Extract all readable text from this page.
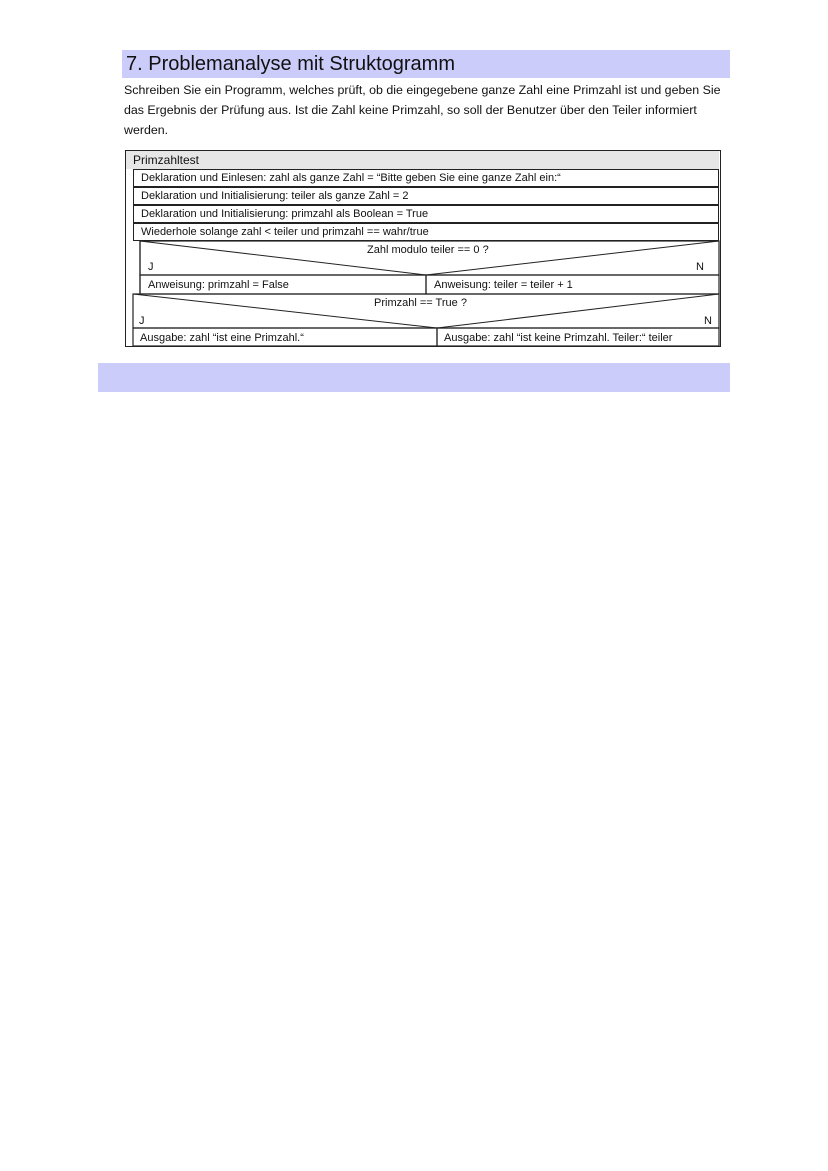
7. Problemanalyse mit Struktogramm
Schreiben Sie ein Programm, welches prüft, ob die eingegebene ganze Zahl eine Primzahl ist und geben Sie das Ergebnis der Prüfung aus. Ist die Zahl keine Primzahl, so soll der Benutzer über den Teiler informiert werden.
Primzahltest
Deklaration und Einlesen: zahl als ganze Zahl = “Bitte geben Sie eine ganze Zahl ein:“
Deklaration und Initialisierung: teiler als ganze Zahl = 2
Deklaration und Initialisierung: primzahl als Boolean = True
Wiederhole solange zahl < teiler und primzahl == wahr/true
Zahl modulo teiler == 0 ?
J	N
Anweisung: primzahl = False	Anweisung: teiler = teiler + 1
Primzahl == True ?
J	N
Ausgabe: zahl “ist eine Primzahl.“	Ausgabe: zahl “ist keine Primzahl. Teiler:“ teiler
